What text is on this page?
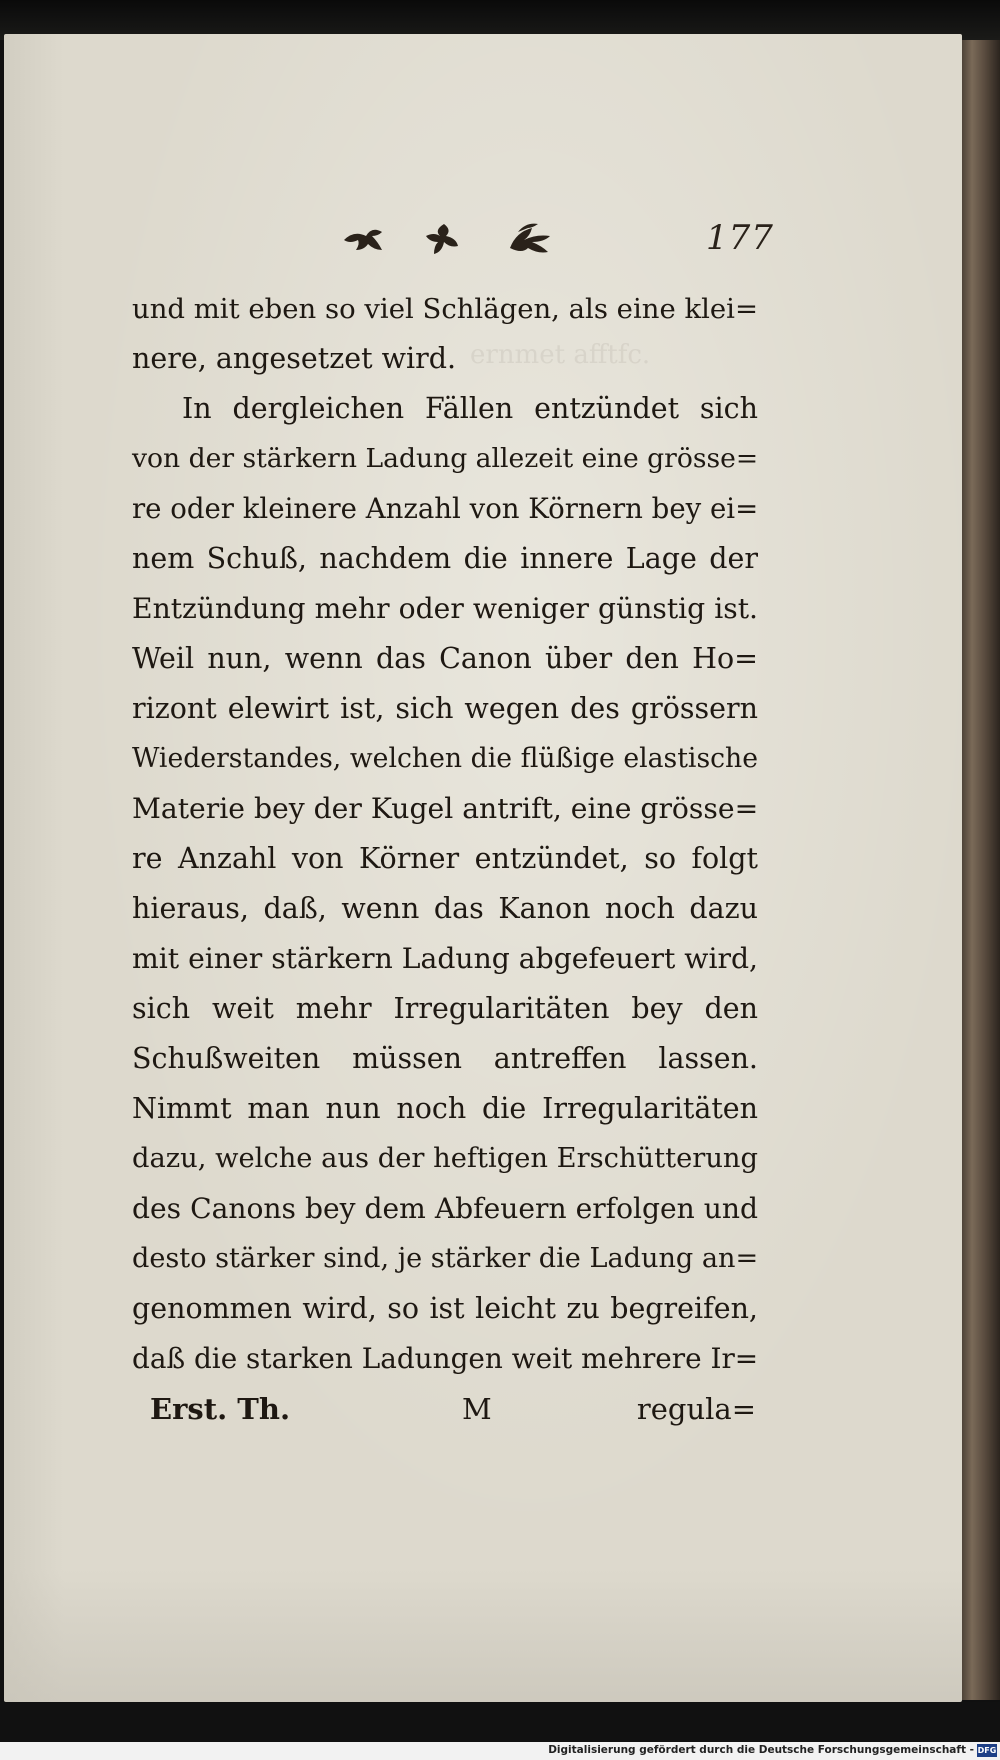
ernmet afftfc.
177
und mit eben so viel Schlägen, als eine klei=
nere, angesetzet wird.
In dergleichen Fällen entzündet sich
von der stärkern Ladung allezeit eine grösse=
re oder kleinere Anzahl von Körnern bey ei=
nem Schuß, nachdem die innere Lage der
Entzündung mehr oder weniger günstig ist.
Weil nun, wenn das Canon über den Ho=
rizont elewirt ist, sich wegen des grössern
Wiederstandes, welchen die flüßige elastische
Materie bey der Kugel antrift, eine grösse=
re Anzahl von Körner entzündet, so folgt
hieraus, daß, wenn das Kanon noch dazu
mit einer stärkern Ladung abgefeuert wird,
sich weit mehr Irregularitäten bey den
Schußweiten müssen antreffen lassen.
Nimmt man nun noch die Irregularitäten
dazu, welche aus der heftigen Erschütterung
des Canons bey dem Abfeuern erfolgen und
desto stärker sind, je stärker die Ladung an=
genommen wird, so ist leicht zu begreifen,
daß die starken Ladungen weit mehrere Ir=
Erst. Th.	M	regula=
Digitalisierung gefördert durch die Deutsche Forschungsgemeinschaft - DFG
